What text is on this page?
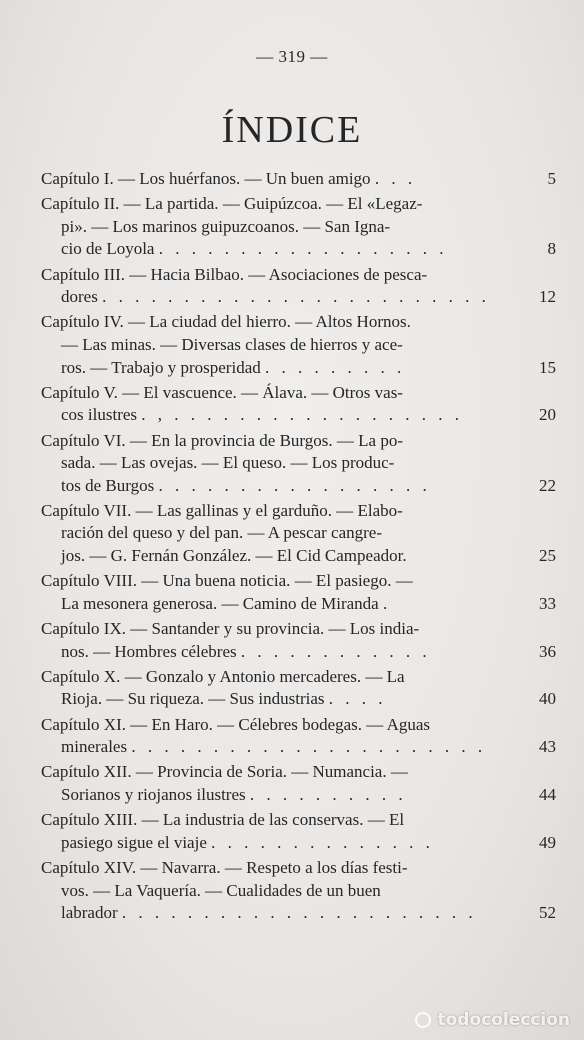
— 319 —
ÍNDICE
Capítulo I. — Los huérfanos. — Un buen amigo . . .	5
Capítulo II. — La partida. — Guipúzcoa. — El «Legaz-
pi». — Los marinos guipuzcoanos. — San Igna-
cio de Loyola . . . . . . . . . . . . . . . . . .	8
Capítulo III. — Hacia Bilbao. — Asociaciones de pesca-
dores . . . . . . . . . . . . . . . . . . . . . . . .	12
Capítulo IV. — La ciudad del hierro. — Altos Hornos.
— Las minas. — Diversas clases de hierros y ace-
ros. — Trabajo y prosperidad . . . . . . . . .	15
Capítulo V. — El vascuence. — Álava. — Otros vas-
cos ilustres . , . . . . . . . . . . . . . . . . . .	20
Capítulo VI. — En la provincia de Burgos. — La po-
sada. — Las ovejas. — El queso. — Los produc-
tos de Burgos . . . . . . . . . . . . . . . . .	22
Capítulo VII. — Las gallinas y el garduño. — Elabo-
ración del queso y del pan. — A pescar cangre-
jos. — G. Fernán González. — El Cid Campeador.	25
Capítulo VIII. — Una buena noticia. — El pasiego. —
La mesonera generosa. — Camino de Miranda .	33
Capítulo IX. — Santander y su provincia. — Los india-
nos. — Hombres célebres . . . . . . . . . . . .	36
Capítulo X. — Gonzalo y Antonio mercaderes. — La
Rioja. — Su riqueza. — Sus industrias . . . .	40
Capítulo XI. — En Haro. — Célebres bodegas. — Aguas
minerales . . . . . . . . . . . . . . . . . . . . . .	43
Capítulo XII. — Provincia de Soria. — Numancia. —
Sorianos y riojanos ilustres . . . . . . . . . .	44
Capítulo XIII. — La industria de las conservas. — El
pasiego sigue el viaje . . . . . . . . . . . . . .	49
Capítulo XIV. — Navarra. — Respeto a los días festi-
vos. — La Vaquería. — Cualidades de un buen
labrador . . . . . . . . . . . . . . . . . . . . . .	52
todocoleccion
